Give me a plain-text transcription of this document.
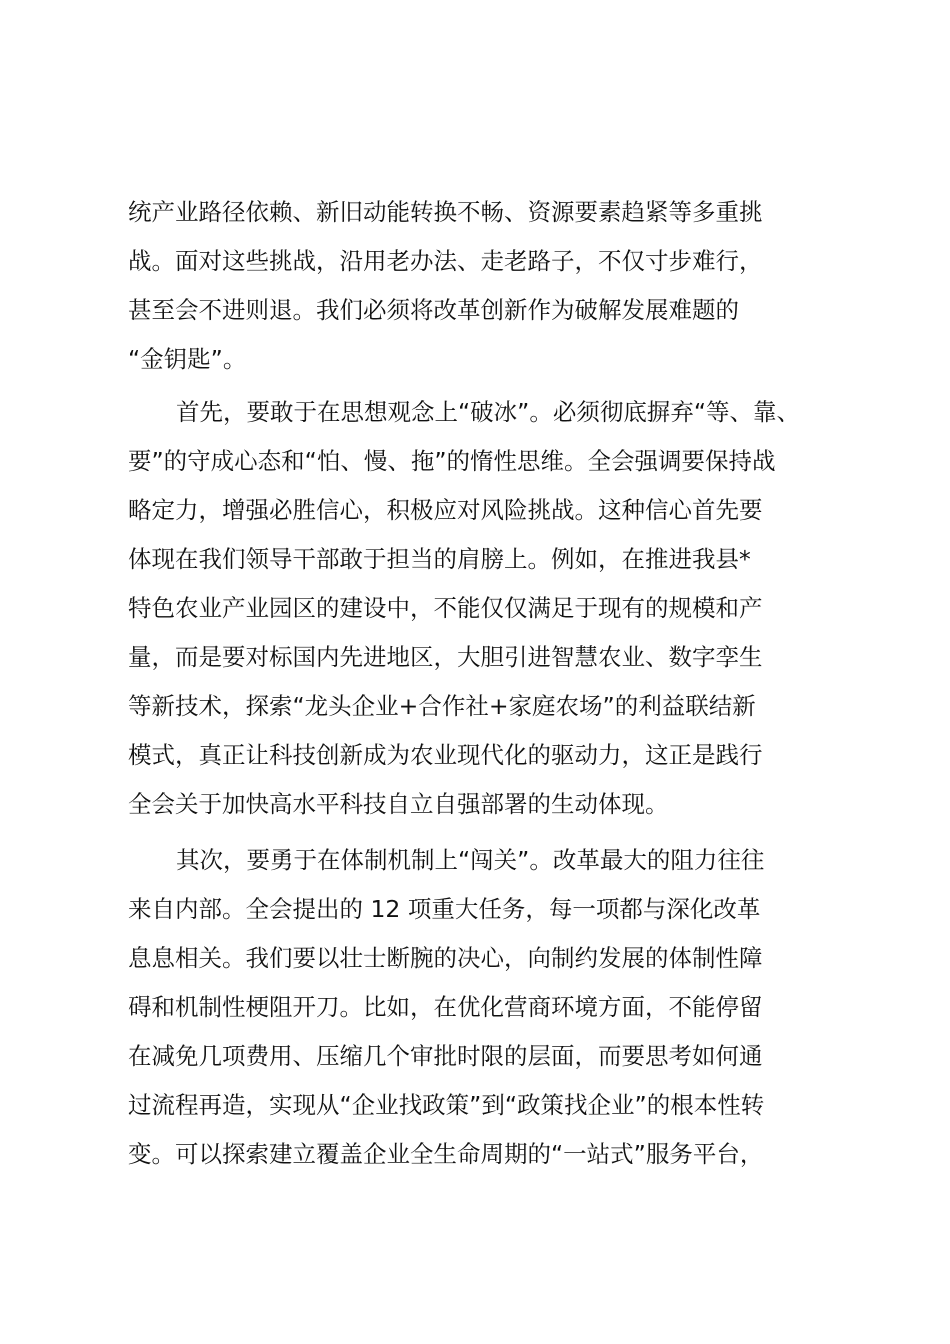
统产业路径依赖、新旧动能转换不畅、资源要素趋紧等多重挑
战。面对这些挑战，沿用老办法、走老路子，不仅寸步难行，
甚至会不进则退。我们必须将改革创新作为破解发展难题的
“金钥匙”。
首先，要敢于在思想观念上“破冰”。必须彻底摒弃“等、靠、
要”的守成心态和“怕、慢、拖”的惰性思维。全会强调要保持战
略定力，增强必胜信心，积极应对风险挑战。这种信心首先要
体现在我们领导干部敢于担当的肩膀上。例如，在推进我县*
特色农业产业园区的建设中，不能仅仅满足于现有的规模和产
量，而是要对标国内先进地区，大胆引进智慧农业、数字孪生
等新技术，探索“龙头企业+合作社+家庭农场”的利益联结新
模式，真正让科技创新成为农业现代化的驱动力，这正是践行
全会关于加快高水平科技自立自强部署的生动体现。
其次，要勇于在体制机制上“闯关”。改革最大的阻力往往
来自内部。全会提出的 12 项重大任务，每一项都与深化改革
息息相关。我们要以壮士断腕的决心，向制约发展的体制性障
碍和机制性梗阻开刀。比如，在优化营商环境方面，不能停留
在减免几项费用、压缩几个审批时限的层面，而要思考如何通
过流程再造，实现从“企业找政策”到“政策找企业”的根本性转
变。可以探索建立覆盖企业全生命周期的“一站式”服务平台，
